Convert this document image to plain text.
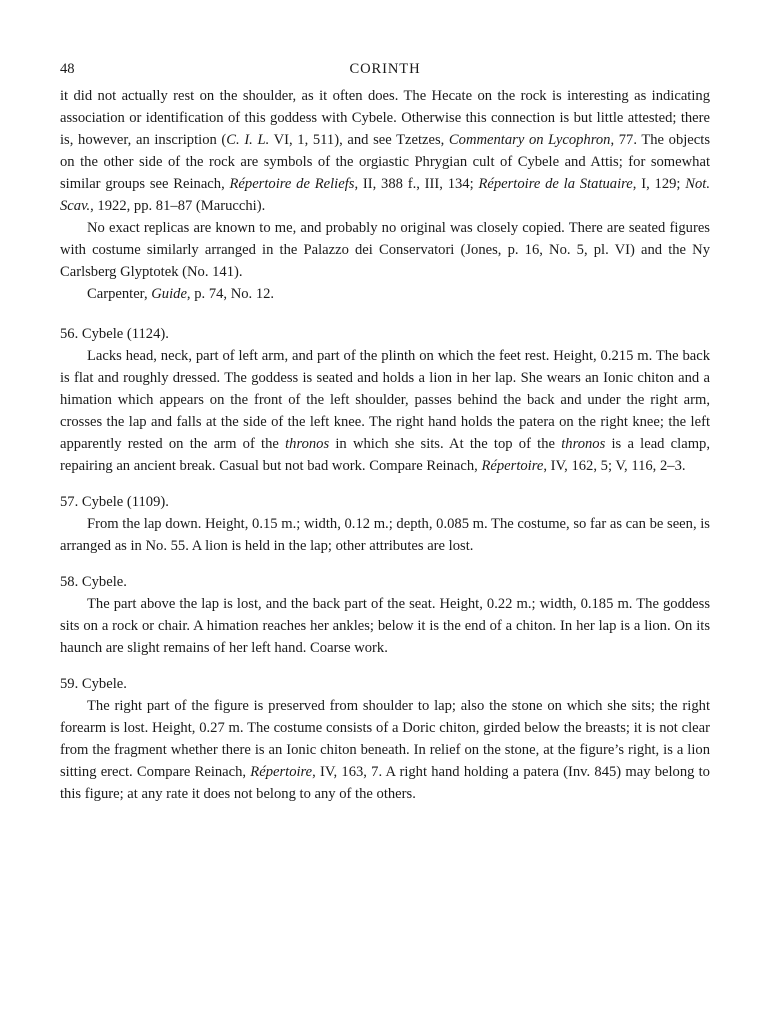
48	CORINTH

it did not actually rest on the shoulder, as it often does. The Hecate on the rock is interesting as indicating association or identification of this goddess with Cybele. Otherwise this connection is but little attested; there is, however, an inscription (C. I. L. VI, 1, 511), and see Tzetzes, Commentary on Lycophron, 77. The objects on the other side of the rock are symbols of the orgiastic Phrygian cult of Cybele and Attis; for somewhat similar groups see Reinach, Répertoire de Reliefs, II, 388 f., III, 134; Répertoire de la Statuaire, I, 129; Not. Scav., 1922, pp. 81–87 (Marucchi).

No exact replicas are known to me, and probably no original was closely copied. There are seated figures with costume similarly arranged in the Palazzo dei Conservatori (Jones, p. 16, No. 5, pl. VI) and the Ny Carlsberg Glyptotek (No. 141).

Carpenter, Guide, p. 74, No. 12.

56. Cybele (1124).

Lacks head, neck, part of left arm, and part of the plinth on which the feet rest. Height, 0.215 m. The back is flat and roughly dressed. The goddess is seated and holds a lion in her lap. She wears an Ionic chiton and a himation which appears on the front of the left shoulder, passes behind the back and under the right arm, crosses the lap and falls at the side of the left knee. The right hand holds the patera on the right knee; the left apparently rested on the arm of the thronos in which she sits. At the top of the thronos is a lead clamp, repairing an ancient break. Casual but not bad work. Compare Reinach, Répertoire, IV, 162, 5; V, 116, 2–3.

57. Cybele (1109).

From the lap down. Height, 0.15 m.; width, 0.12 m.; depth, 0.085 m. The costume, so far as can be seen, is arranged as in No. 55. A lion is held in the lap; other attributes are lost.

58. Cybele.

The part above the lap is lost, and the back part of the seat. Height, 0.22 m.; width, 0.185 m. The goddess sits on a rock or chair. A himation reaches her ankles; below it is the end of a chiton. In her lap is a lion. On its haunch are slight remains of her left hand. Coarse work.

59. Cybele.

The right part of the figure is preserved from shoulder to lap; also the stone on which she sits; the right forearm is lost. Height, 0.27 m. The costume consists of a Doric chiton, girded below the breasts; it is not clear from the fragment whether there is an Ionic chiton beneath. In relief on the stone, at the figure’s right, is a lion sitting erect. Compare Reinach, Répertoire, IV, 163, 7. A right hand holding a patera (Inv. 845) may belong to this figure; at any rate it does not belong to any of the others.
